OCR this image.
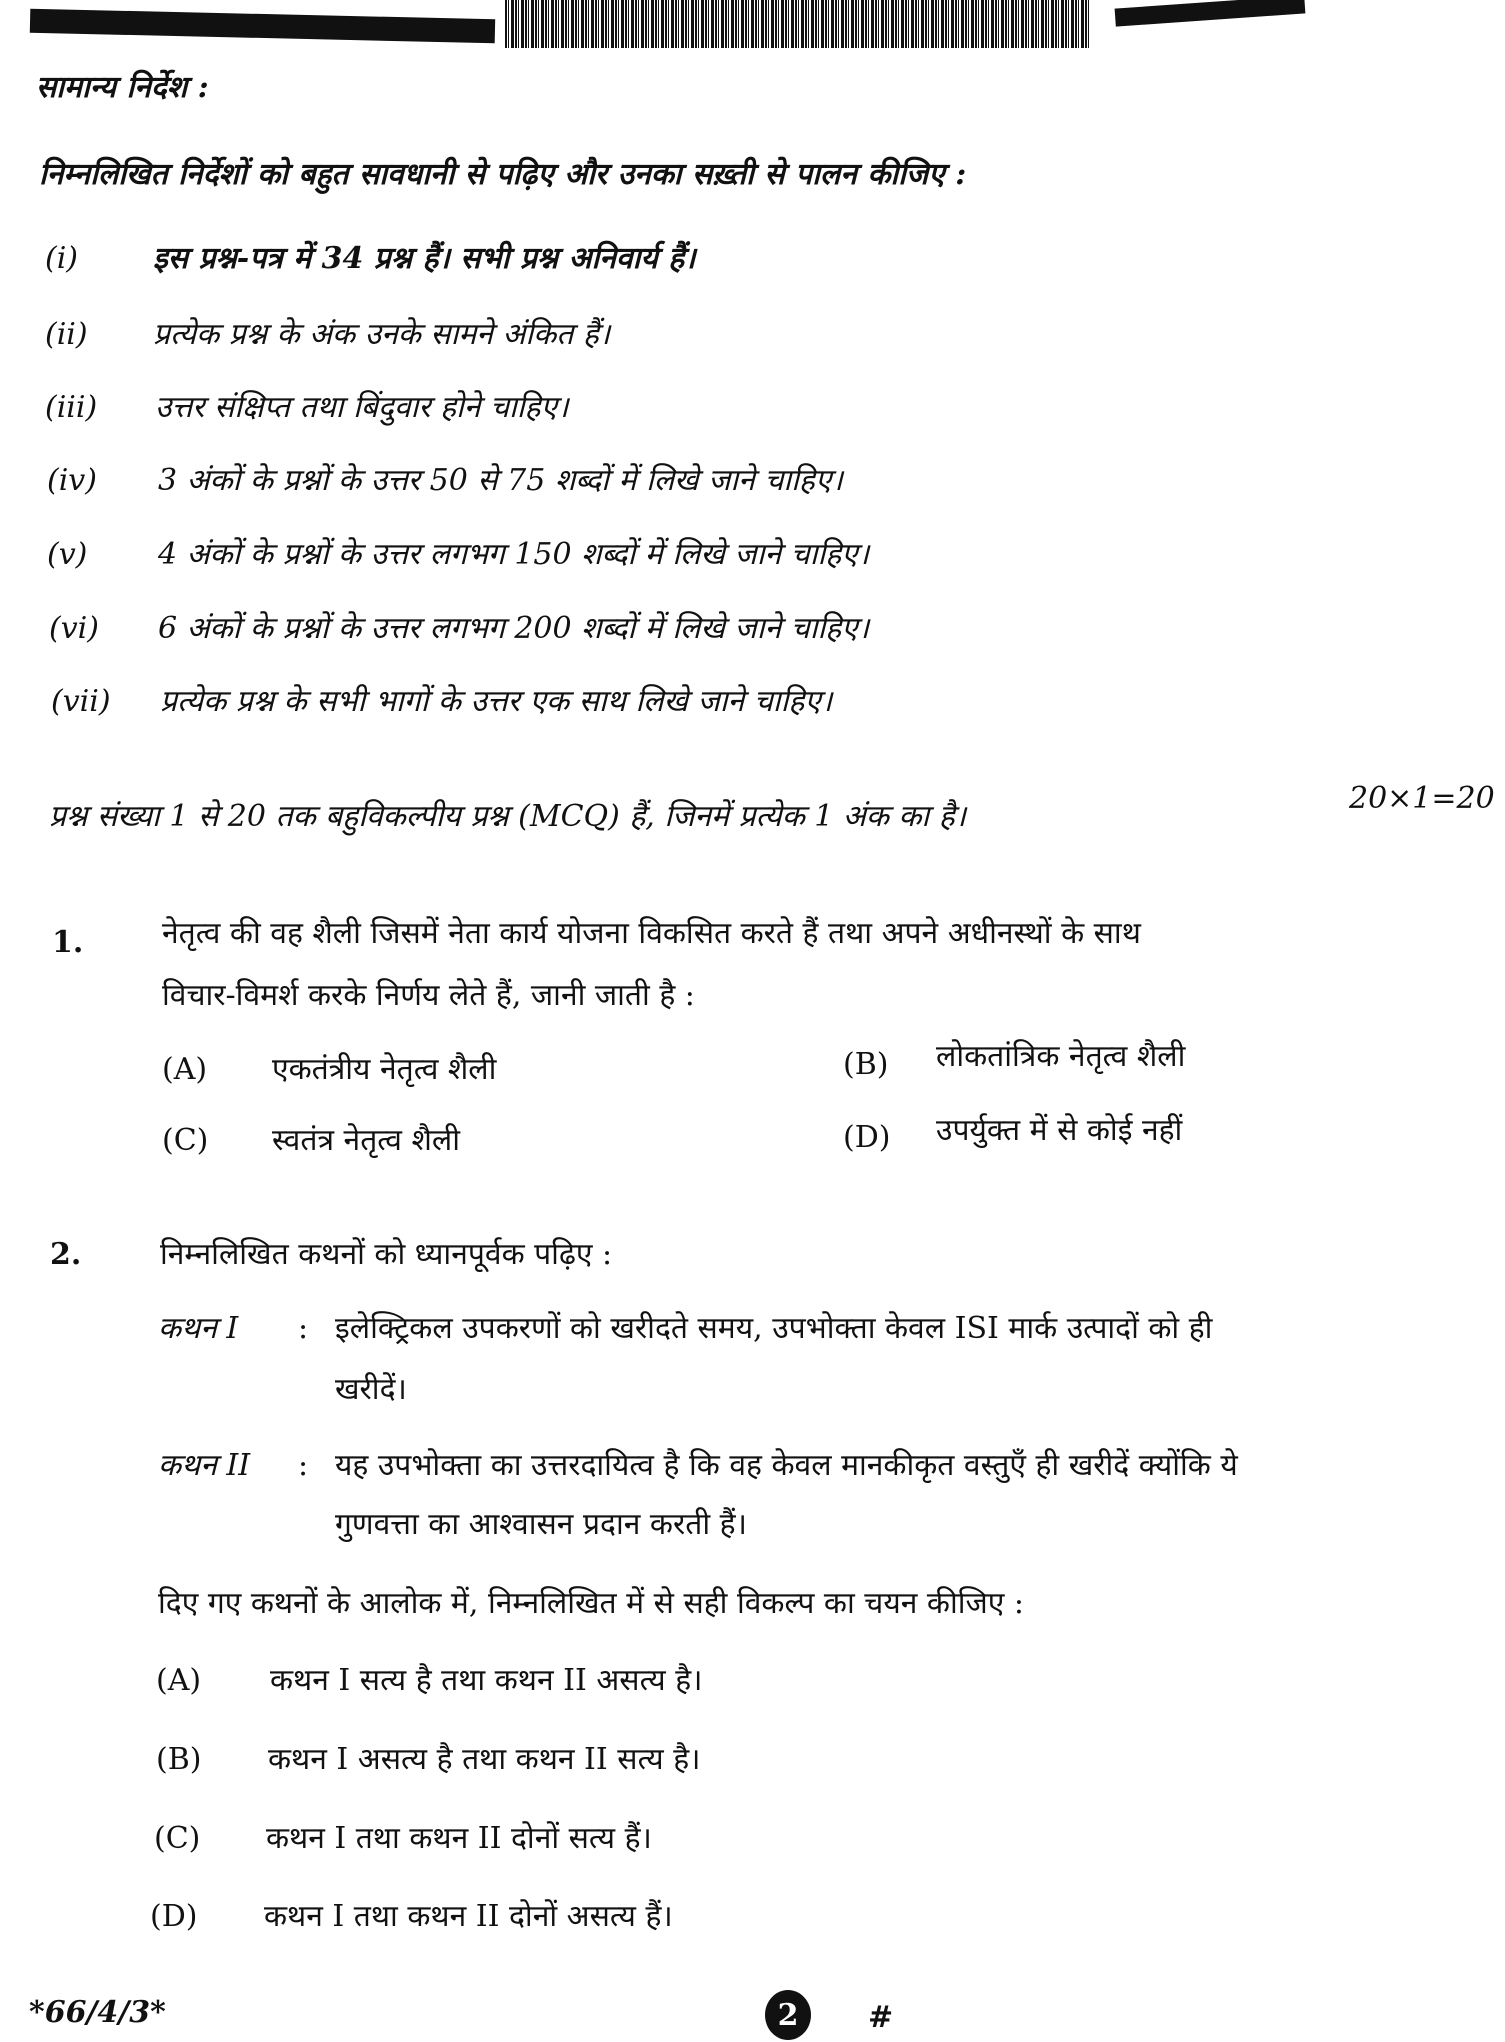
सामान्य निर्देश :
निम्नलिखित निर्देशों को बहुत सावधानी से पढ़िए और उनका सख़्ती से पालन कीजिए :
(i) इस प्रश्न-पत्र में 34 प्रश्न हैं। सभी प्रश्न अनिवार्य हैं।
(ii) प्रत्येक प्रश्न के अंक उनके सामने अंकित हैं।
(iii) उत्तर संक्षिप्त तथा बिंदुवार होने चाहिए।
(iv) 3 अंकों के प्रश्नों के उत्तर 50 से 75 शब्दों में लिखे जाने चाहिए।
(v) 4 अंकों के प्रश्नों के उत्तर लगभग 150 शब्दों में लिखे जाने चाहिए।
(vi) 6 अंकों के प्रश्नों के उत्तर लगभग 200 शब्दों में लिखे जाने चाहिए।
(vii) प्रत्येक प्रश्न के सभी भागों के उत्तर एक साथ लिखे जाने चाहिए।
प्रश्न संख्या 1 से 20 तक बहुविकल्पीय प्रश्न (MCQ) हैं, जिनमें प्रत्येक 1 अंक का है।
20×1=20
1.	नेतृत्व की वह शैली जिसमें नेता कार्य योजना विकसित करते हैं तथा अपने अधीनस्थों के साथ
विचार-विमर्श करके निर्णय लेते हैं, जानी जाती है :
(A) एकतंत्रीय नेतृत्व शैली	(B) लोकतांत्रिक नेतृत्व शैली
(C) स्वतंत्र नेतृत्व शैली	(D) उपर्युक्त में से कोई नहीं
2.	निम्नलिखित कथनों को ध्यानपूर्वक पढ़िए :
कथन I : इलेक्ट्रिकल उपकरणों को खरीदते समय, उपभोक्ता केवल ISI मार्क उत्पादों को ही
खरीदें।
कथन II : यह उपभोक्ता का उत्तरदायित्व है कि वह केवल मानकीकृत वस्तुएँ ही खरीदें क्योंकि ये
गुणवत्ता का आश्वासन प्रदान करती हैं।
दिए गए कथनों के आलोक में, निम्नलिखित में से सही विकल्प का चयन कीजिए :
(A) कथन I सत्य है तथा कथन II असत्य है।
(B) कथन I असत्य है तथा कथन II सत्य है।
(C) कथन I तथा कथन II दोनों सत्य हैं।
(D) कथन I तथा कथन II दोनों असत्य हैं।
*66/4/3*	2	#
